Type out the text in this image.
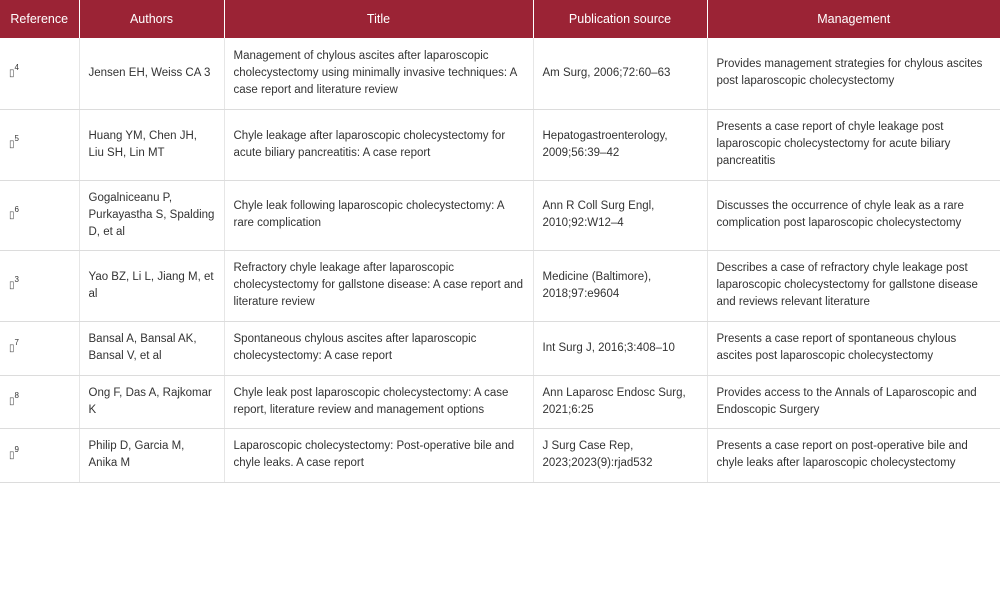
Reference	Authors	Title	Publication source	Management
▯$^4$	Jensen EH, Weiss CA 3	Management of chylous ascites after laparoscopic cholecystectomy using minimally invasive techniques: A case report and literature review	Am Surg, 2006;72:60–63	Provides management strategies for chylous ascites post laparoscopic cholecystectomy
▯$^5$	Huang YM, Chen JH, Liu SH, Lin MT	Chyle leakage after laparoscopic cholecystectomy for acute biliary pancreatitis: A case report	Hepatogastroenterology, 2009;56:39–42	Presents a case report of chyle leakage post laparoscopic cholecystectomy for acute biliary pancreatitis
▯$^6$	Gogalniceanu P, Purkayastha S, Spalding D, et al	Chyle leak following laparoscopic cholecystectomy: A rare complication	Ann R Coll Surg Engl, 2010;92:W12–4	Discusses the occurrence of chyle leak as a rare complication post laparoscopic cholecystectomy
▯$^3$	Yao BZ, Li L, Jiang M, et al	Refractory chyle leakage after laparoscopic cholecystectomy for gallstone disease: A case report and literature review	Medicine (Baltimore), 2018;97:e9604	Describes a case of refractory chyle leakage post laparoscopic cholecystectomy for gallstone disease and reviews relevant literature
▯$^7$	Bansal A, Bansal AK, Bansal V, et al	Spontaneous chylous ascites after laparoscopic cholecystectomy: A case report	Int Surg J, 2016;3:408–10	Presents a case report of spontaneous chylous ascites post laparoscopic cholecystectomy
▯$^8$	Ong F, Das A, Rajkomar K	Chyle leak post laparoscopic cholecystectomy: A case report, literature review and management options	Ann Laparosc Endosc Surg, 2021;6:25	Provides access to the Annals of Laparoscopic and Endoscopic Surgery
▯$^9$	Philip D, Garcia M, Anika M	Laparoscopic cholecystectomy: Post-operative bile and chyle leaks. A case report	J Surg Case Rep, 2023;2023(9):rjad532	Presents a case report on post-operative bile and chyle leaks after laparoscopic cholecystectomy
